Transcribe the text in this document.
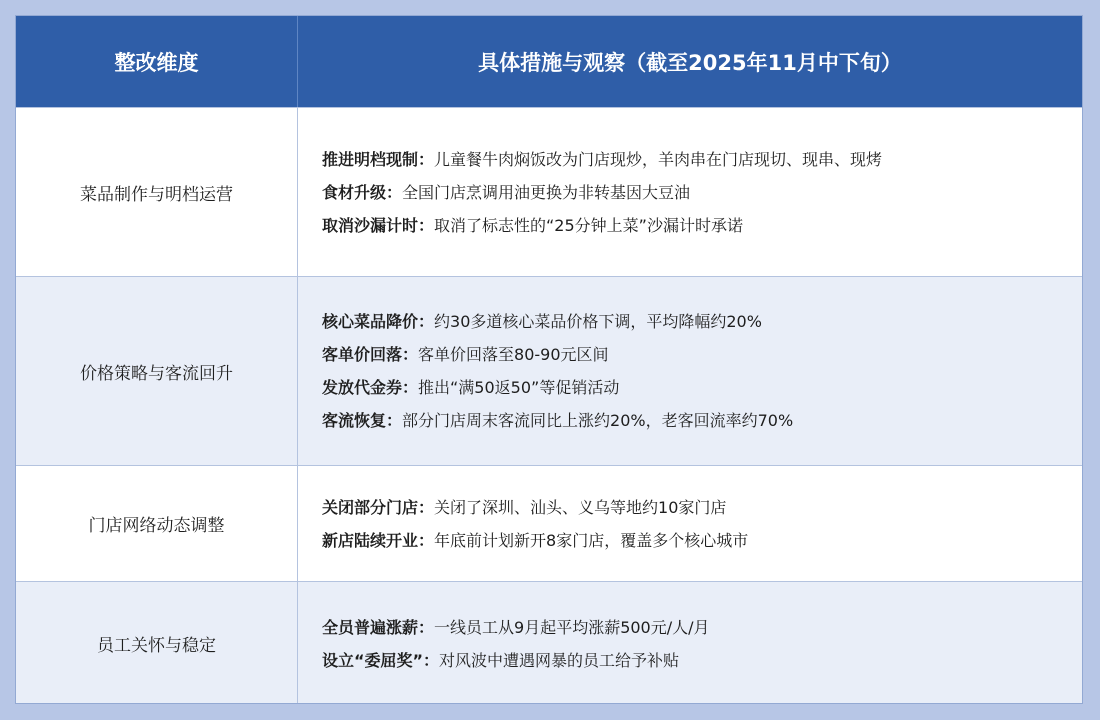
整改维度	具体措施与观察（截至2025年11月中下旬）
菜品制作与明档运营
推进明档现制：儿童餐牛肉焖饭改为门店现炒，羊肉串在门店现切、现串、现烤
食材升级：全国门店烹调用油更换为非转基因大豆油
取消沙漏计时：取消了标志性的“25分钟上菜”沙漏计时承诺
价格策略与客流回升
核心菜品降价：约30多道核心菜品价格下调，平均降幅约20%
客单价回落：客单价回落至80-90元区间
发放代金券：推出“满50返50”等促销活动
客流恢复：部分门店周末客流同比上涨约20%，老客回流率约70%
门店网络动态调整
关闭部分门店：关闭了深圳、汕头、义乌等地约10家门店
新店陆续开业：年底前计划新开8家门店，覆盖多个核心城市
员工关怀与稳定
全员普遍涨薪：一线员工从9月起平均涨薪500元/人/月
设立“委屈奖”：对风波中遭遇网暴的员工给予补贴
